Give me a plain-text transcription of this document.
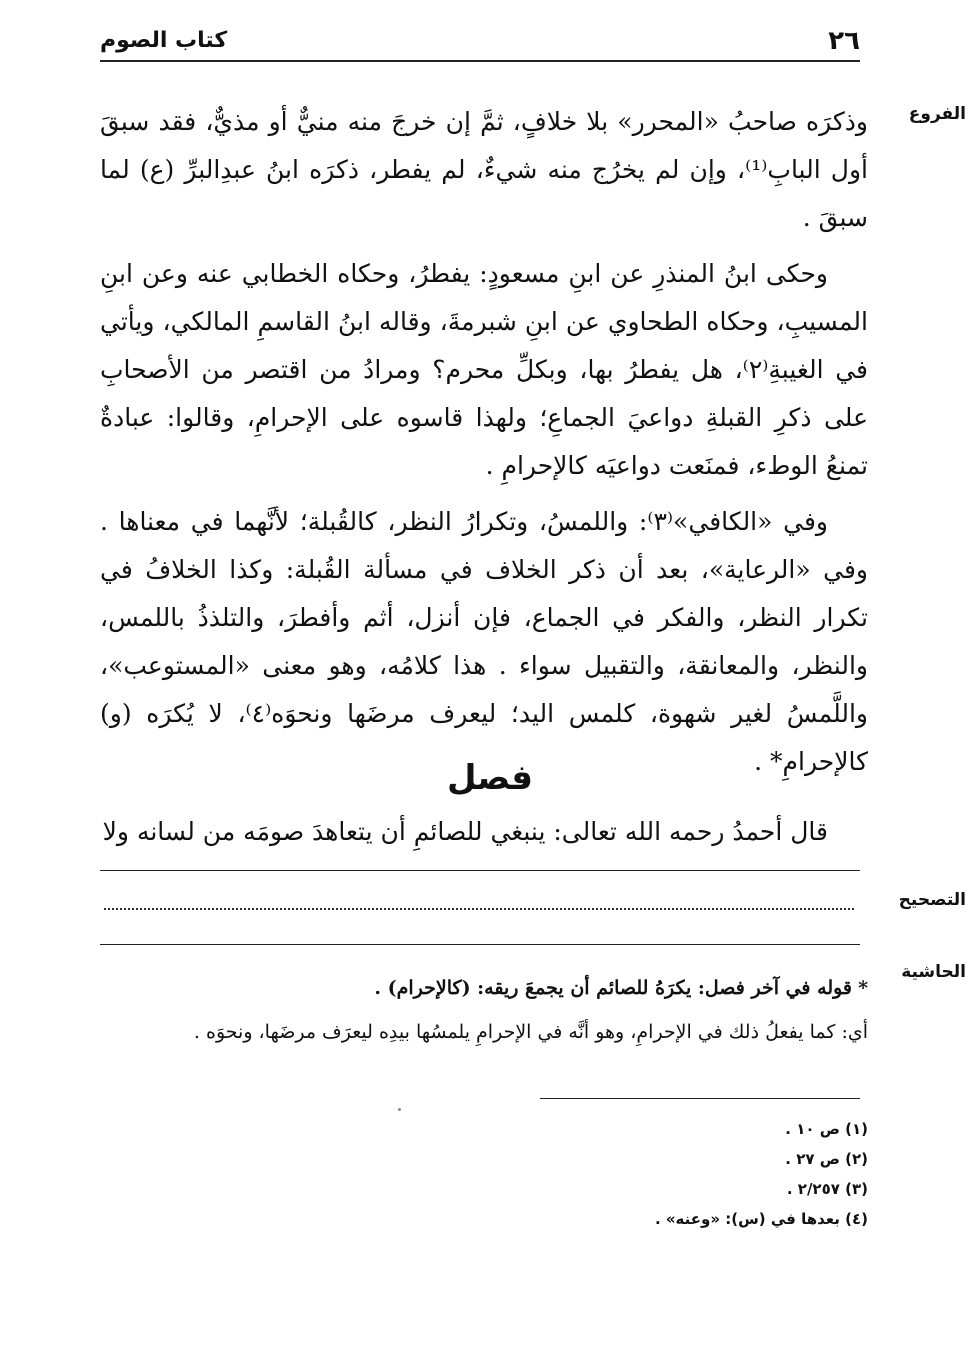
٢٦
كتاب الصوم
الفروع

وذكرَه صاحبُ «المحرر» بلا خلافٍ، ثمَّ إن خرجَ منه منيٌّ أو مذيٌّ، فقد سبقَ أول البابِ⁽¹⁾، وإن لم يخرُج منه شيءٌ، لم يفطر، ذكرَه ابنُ عبدِالبرِّ (ع) لما سبقَ .

وحكى ابنُ المنذرِ عن ابنِ مسعودٍ: يفطرُ، وحكاه الخطابي عنه وعن ابنِ المسيبِ، وحكاه الطحاوي عن ابنِ شبرمةَ، وقاله ابنُ القاسمِ المالكي، ويأتي في الغيبةِ⁽٢⁾، هل يفطرُ بها، وبكلِّ محرم؟ ومرادُ من اقتصر من الأصحابِ على ذكرِ القبلةِ دواعيَ الجماعِ؛ ولهذا قاسوه على الإحرامِ، وقالوا: عبادةٌ تمنعُ الوطء، فمنَعت دواعيَه كالإحرامِ .

وفي «الكافي»⁽٣⁾: واللمسُ، وتكرارُ النظر، كالقُبلة؛ لأنَّهما في معناها . وفي «الرعاية»، بعد أن ذكر الخلاف في مسألة القُبلة: وكذا الخلافُ في تكرار النظر، والفكر في الجماع، فإن أنزل، أثم وأفطرَ، والتلذذُ باللمس، والنظر، والمعانقة، والتقبيل سواء . هذا كلامُه، وهو معنى «المستوعب»، واللَّمسُ لغير شهوة، كلمس اليد؛ ليعرف مرضَها ونحوَه⁽٤⁾، لا يُكرَه (و) كالإحرامِ* .

فصل
قال أحمدُ رحمه الله تعالى: ينبغي للصائمِ أن يتعاهدَ صومَه من لسانه ولا
التصحيح
الحاشية

* قوله في آخر فصل: يكرَهُ للصائم أن يجمعَ ريقه: (كالإحرام) .

أي: كما يفعلُ ذلك في الإحرامِ، وهو أنَّه في الإحرامِ يلمسُها بيدِه ليعرَف مرضَها، ونحوَه .

(١) ص ١٠ .
(٢) ص ٢٧ .
(٣) ٢/٢٥٧ .
(٤) بعدها في (س): «وعنه» .
